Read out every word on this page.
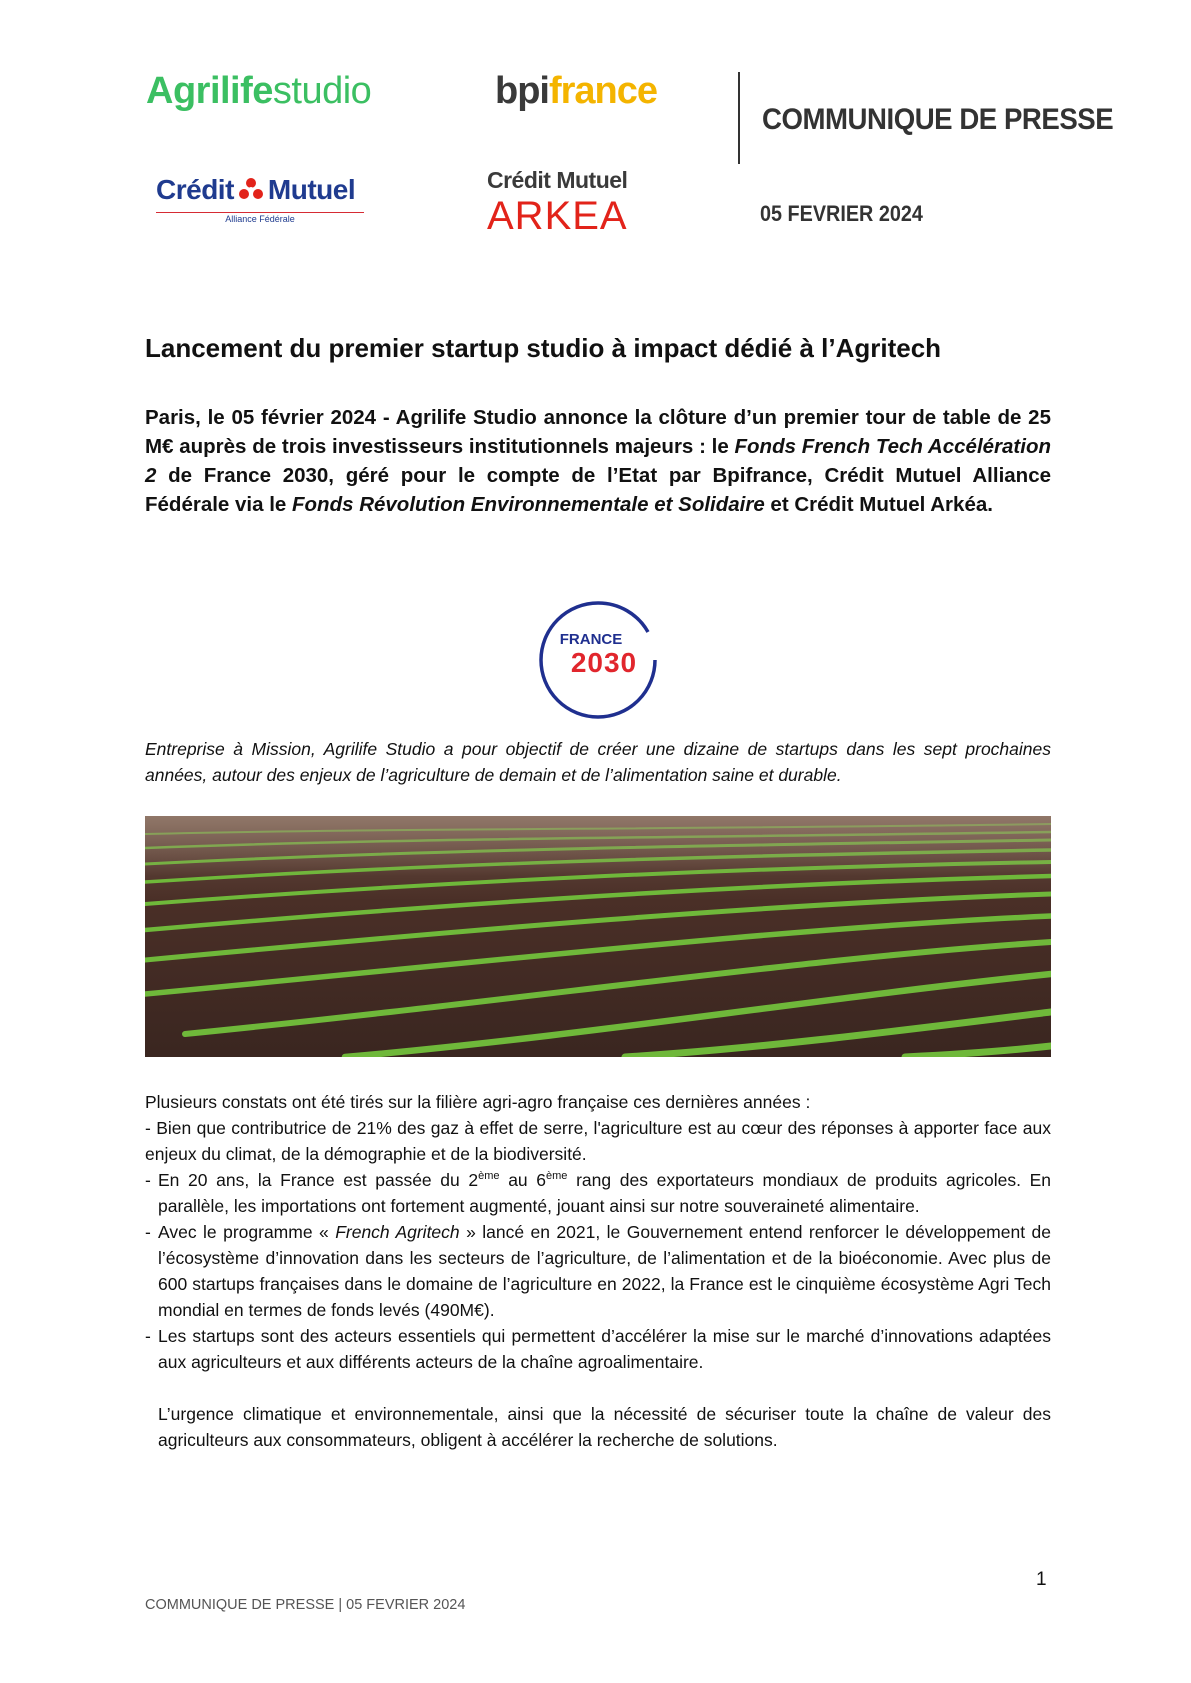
Agrilifestudio	bpifrance
Crédit Mutuel
Alliance Fédérale
Crédit Mutuel
ARKEA
COMMUNIQUE DE PRESSE
05 FEVRIER 2024
Lancement du premier startup studio à impact dédié à l’Agritech
Paris, le 05 février 2024 - Agrilife Studio annonce la clôture d’un premier tour de table de 25 M€ auprès de trois investisseurs institutionnels majeurs : le Fonds French Tech Accélération 2 de France 2030, géré pour le compte de l’Etat par Bpifrance, Crédit Mutuel Alliance Fédérale via le Fonds Révolution Environnementale et Solidaire et Crédit Mutuel Arkéa.
FRANCE
2030
Entreprise à Mission, Agrilife Studio a pour objectif de créer une dizaine de startups dans les sept prochaines années, autour des enjeux de l’agriculture de demain et de l’alimentation saine et durable.

Plusieurs constats ont été tirés sur la filière agri-agro française ces dernières années :

- Bien que contributrice de 21% des gaz à effet de serre, l'agriculture est au cœur des réponses à apporter face aux enjeux du climat, de la démographie et de la biodiversité.

- En 20 ans, la France est passée du 2ème au 6ème rang des exportateurs mondiaux de produits agricoles. En parallèle, les importations ont fortement augmenté, jouant ainsi sur notre souveraineté alimentaire.
- Avec le programme « French Agritech » lancé en 2021, le Gouvernement entend renforcer le développement de l’écosystème d’innovation dans les secteurs de l’agriculture, de l’alimentation et de la bioéconomie. Avec plus de 600 startups françaises dans le domaine de l’agriculture en 2022, la France est le cinquième écosystème Agri Tech mondial en termes de fonds levés (490M€).
- Les startups sont des acteurs essentiels qui permettent d’accélérer la mise sur le marché d’innovations adaptées aux agriculteurs et aux différents acteurs de la chaîne agroalimentaire.

L’urgence climatique et environnementale, ainsi que la nécessité de sécuriser toute la chaîne de valeur des agriculteurs aux consommateurs, obligent à accélérer la recherche de solutions.

1
COMMUNIQUE DE PRESSE | 05 FEVRIER 2024
